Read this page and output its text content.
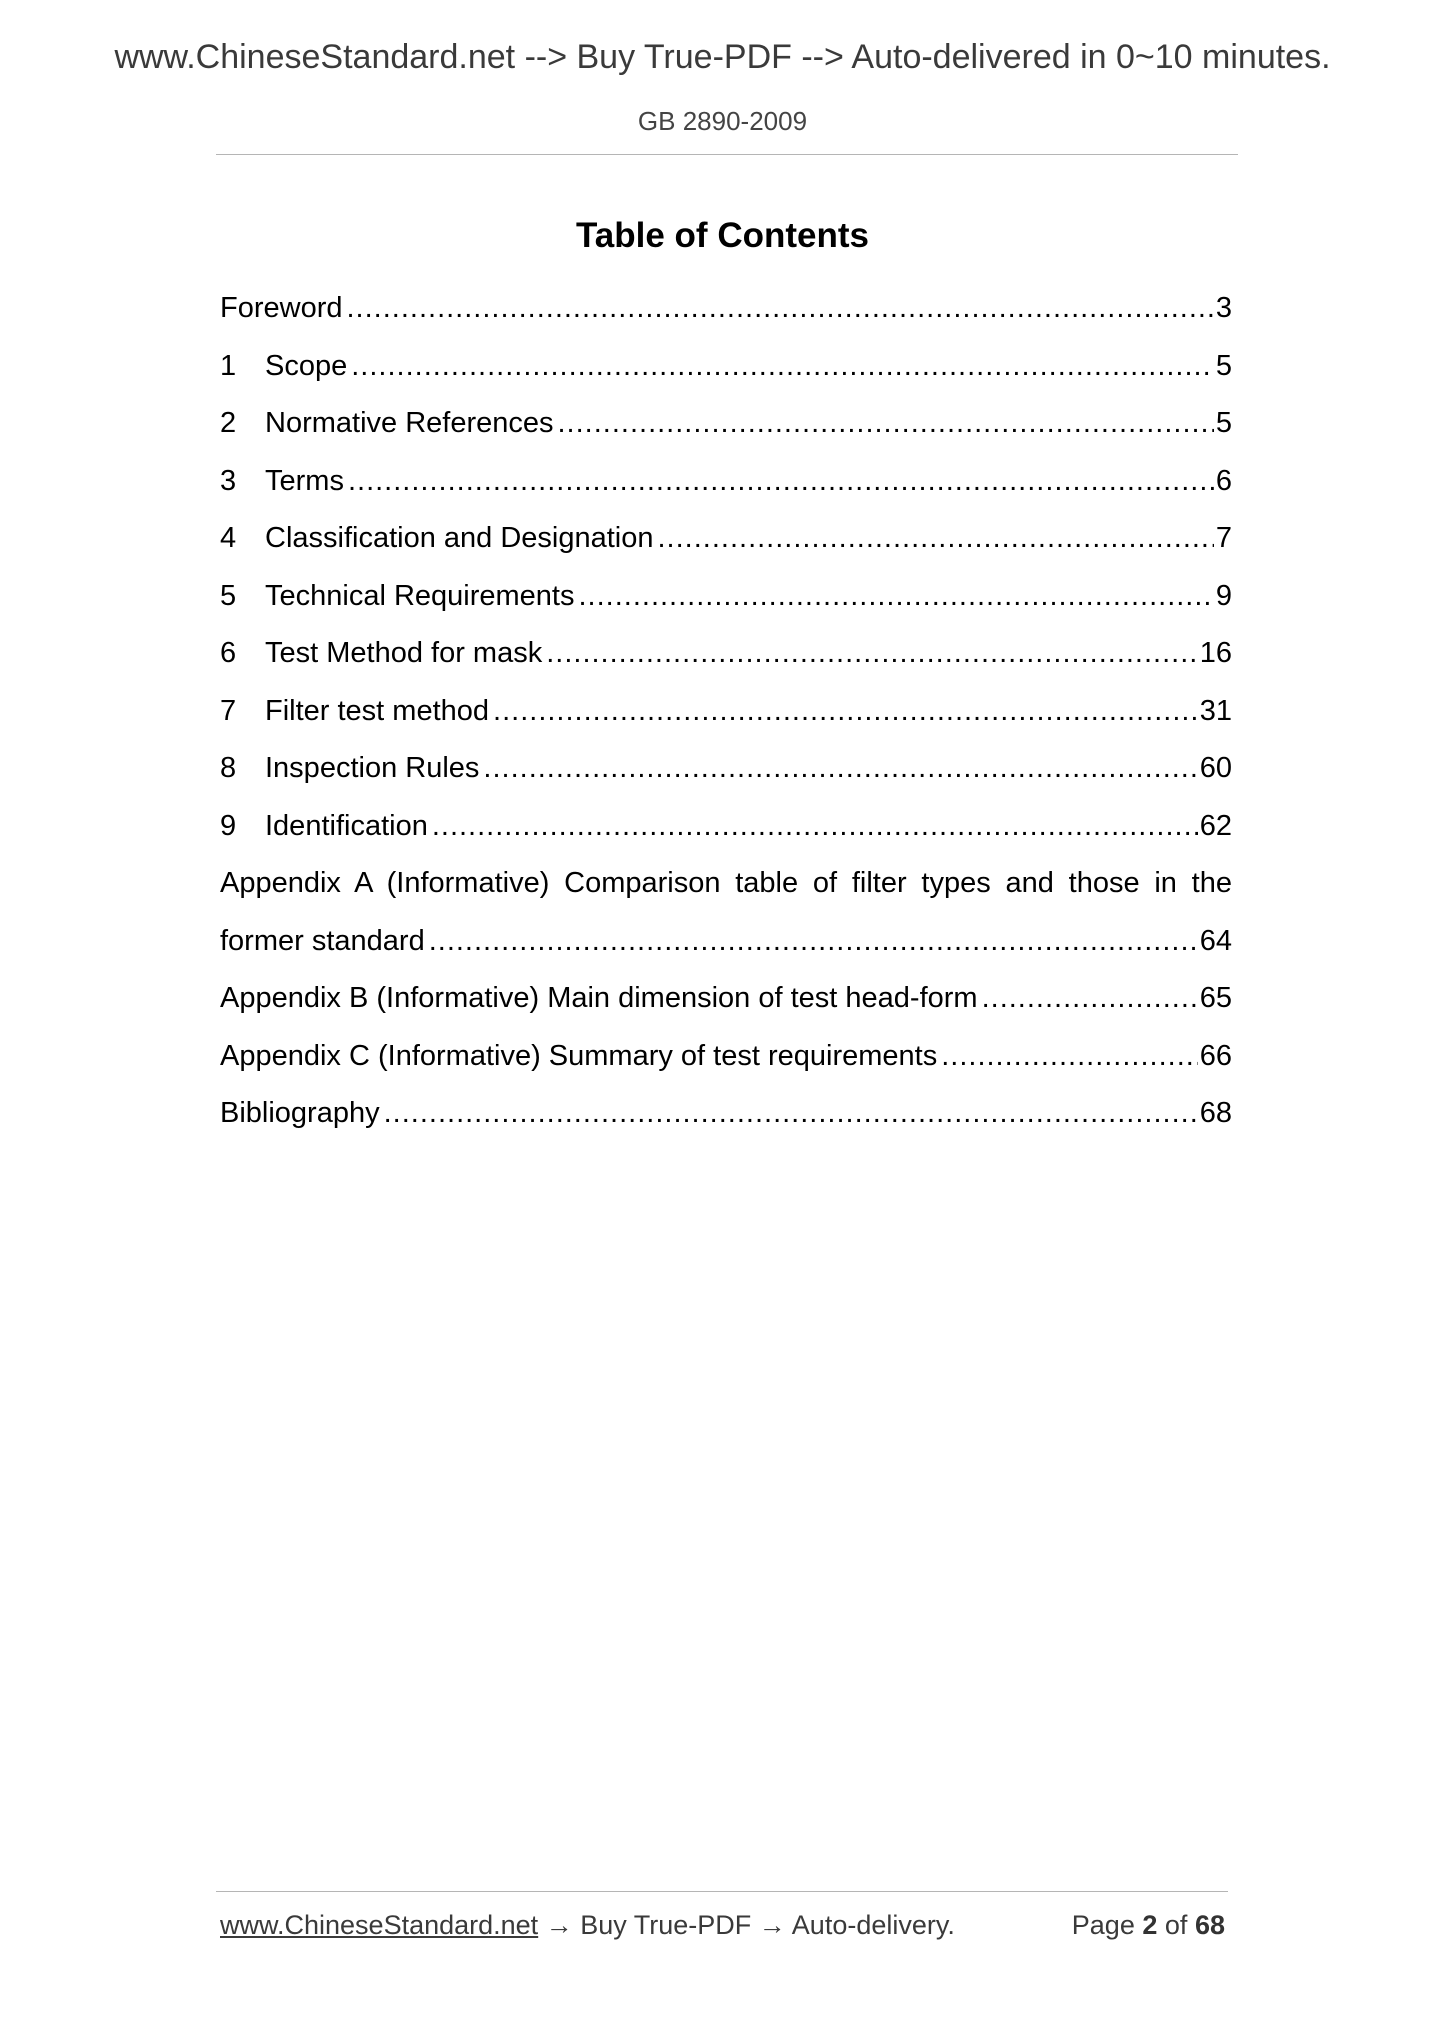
www.ChineseStandard.net --> Buy True-PDF --> Auto-delivered in 0~10 minutes.
GB 2890-2009
Table of Contents
Foreword .....	3
1 Scope .....	5
2 Normative References .....	5
3 Terms .....	6
4 Classification and Designation .....	7
5 Technical Requirements .....	9
6 Test Method for mask .....	16
7 Filter test method .....	31
8 Inspection Rules .....	60
9 Identification .....	62
Appendix A (Informative) Comparison table of filter types and those in the
former standard .....	64
Appendix B (Informative) Main dimension of test head-form .....	65
Appendix C (Informative) Summary of test requirements .....	66
Bibliography .....	68
www.ChineseStandard.net → Buy True-PDF → Auto-delivery.	Page 2 of 68
